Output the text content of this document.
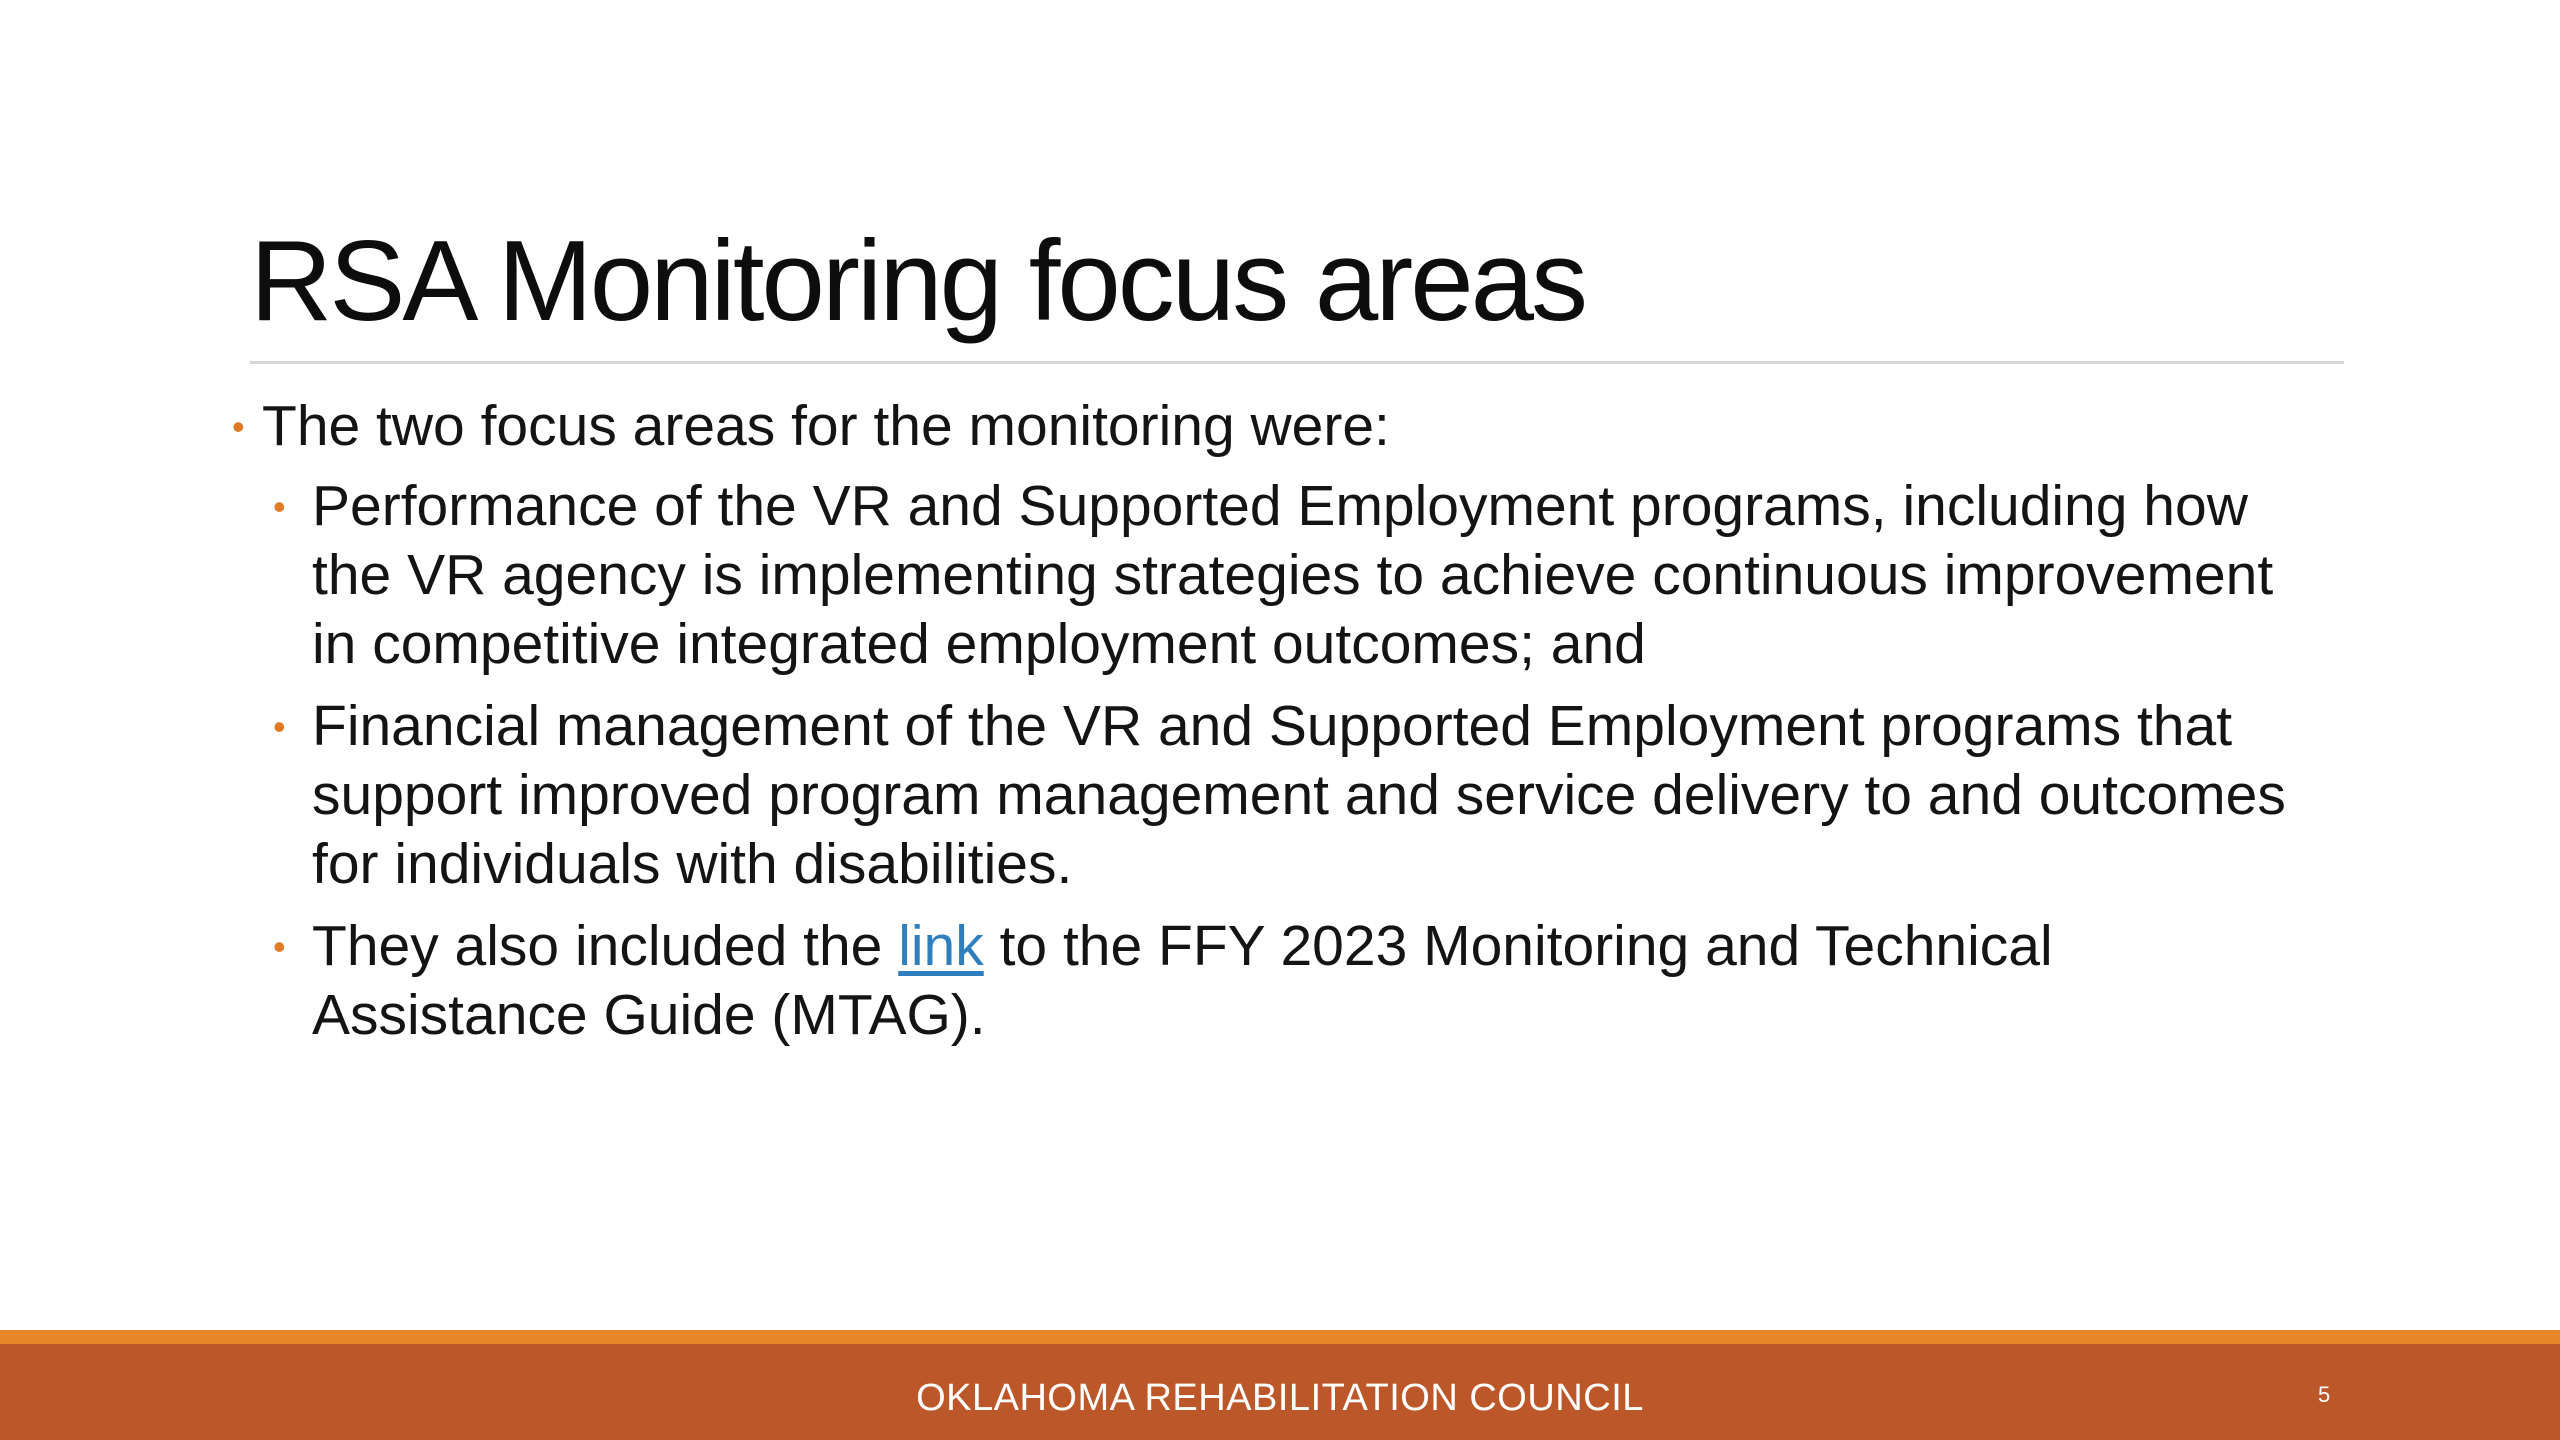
RSA Monitoring focus areas
• The two focus areas for the monitoring were:
• Performance of the VR and Supported Employment programs, including how the VR agency is implementing strategies to achieve continuous improvement in competitive integrated employment outcomes; and
• Financial management of the VR and Supported Employment programs that support improved program management and service delivery to and outcomes for individuals with disabilities.
• They also included the link to the FFY 2023 Monitoring and Technical Assistance Guide (MTAG).
OKLAHOMA REHABILITATION COUNCIL	5
